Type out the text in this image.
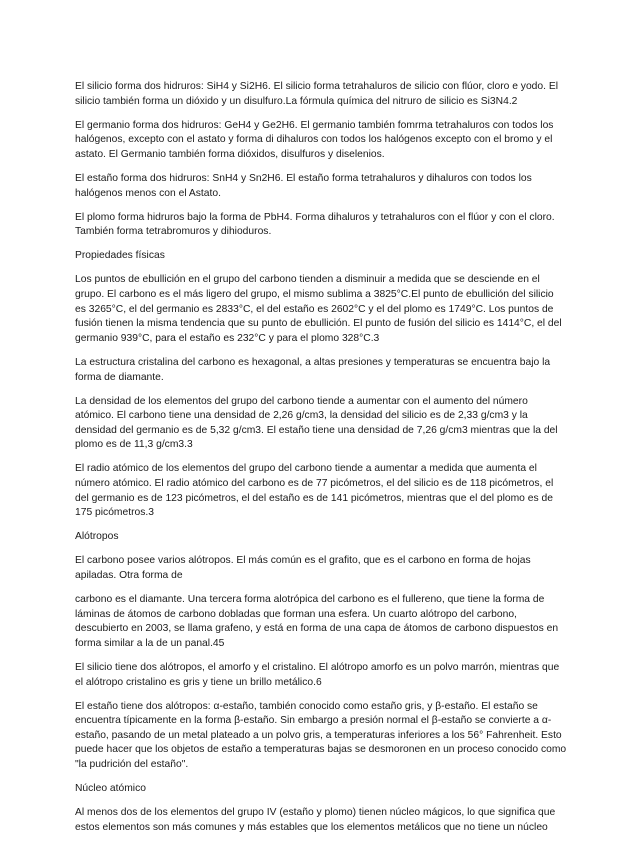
El silicio forma dos hidruros: SiH4 y Si2H6. El silicio forma tetrahaluros de silicio con flúor, cloro e yodo. El silicio también forma un dióxido y un disulfuro.La fórmula química del nitruro de silicio es Si3N4.2

El germanio forma dos hidruros: GeH4 y Ge2H6. El germanio también fomrma tetrahaluros con todos los halógenos, excepto con el astato y forma di dihaluros con todos los halógenos excepto con el bromo y el astato. El Germanio también forma dióxidos, disulfuros y diselenios.

El estaño forma dos hidruros: SnH4 y Sn2H6. El estaño forma tetrahaluros y dihaluros con todos los halógenos menos con el Astato.

El plomo forma hidruros bajo la forma de PbH4. Forma dihaluros y tetrahaluros con el flúor y con el cloro. También forma tetrabromuros y dihioduros.

Propiedades físicas

Los puntos de ebullición en el grupo del carbono tienden a disminuir a medida que se desciende en el grupo. El carbono es el más ligero del grupo, el mismo sublima a 3825°C.El punto de ebullición del silicio es 3265°C, el del germanio es 2833°C, el del estaño es 2602°C y el del plomo es 1749°C. Los puntos de fusión tienen la misma tendencia que su punto de ebullición. El punto de fusión del silicio es 1414°C, el del germanio 939°C, para el estaño es 232°C y para el plomo 328°C.3

La estructura cristalina del carbono es hexagonal, a altas presiones y temperaturas se encuentra bajo la forma de diamante.

La densidad de los elementos del grupo del carbono tiende a aumentar con el aumento del número atómico. El carbono tiene una densidad de 2,26 g/cm3, la densidad del silicio es de 2,33 g/cm3 y la densidad del germanio es de 5,32 g/cm3. El estaño tiene una densidad de 7,26 g/cm3 mientras que la del plomo es de 11,3 g/cm3.3

El radio atómico de los elementos del grupo del carbono tiende a aumentar a medida que aumenta el número atómico. El radio atómico del carbono es de 77 picómetros, el del silicio es de 118 picómetros, el del germanio es de 123 picómetros, el del estaño es de 141 picómetros, mientras que el del plomo es de 175 picómetros.3

Alótropos

El carbono posee varios alótropos. El más común es el grafito, que es el carbono en forma de hojas apiladas. Otra forma de

carbono es el diamante. Una tercera forma alotrópica del carbono es el fullereno, que tiene la forma de láminas de átomos de carbono dobladas que forman una esfera. Un cuarto alótropo del carbono, descubierto en 2003, se llama grafeno, y está en forma de una capa de átomos de carbono dispuestos en forma similar a la de un panal.45

El silicio tiene dos alótropos, el amorfo y el cristalino. El alótropo amorfo es un polvo marrón, mientras que el alótropo cristalino es gris y tiene un brillo metálico.6

El estaño tiene dos alótropos: α-estaño, también conocido como estaño gris, y β-estaño. El estaño se encuentra típicamente en la forma β-estaño. Sin embargo a presión normal el β-estaño se convierte a α-estaño, pasando de un metal plateado a un polvo gris, a temperaturas inferiores a los 56° Fahrenheit. Esto puede hacer que los objetos de estaño a temperaturas bajas se desmoronen en un proceso conocido como "la pudrición del estaño".

Núcleo atómico

Al menos dos de los elementos del grupo IV (estaño y plomo) tienen núcleo mágicos, lo que significa que estos elementos son más comunes y más estables que los elementos metálicos que no tiene un núcleo
